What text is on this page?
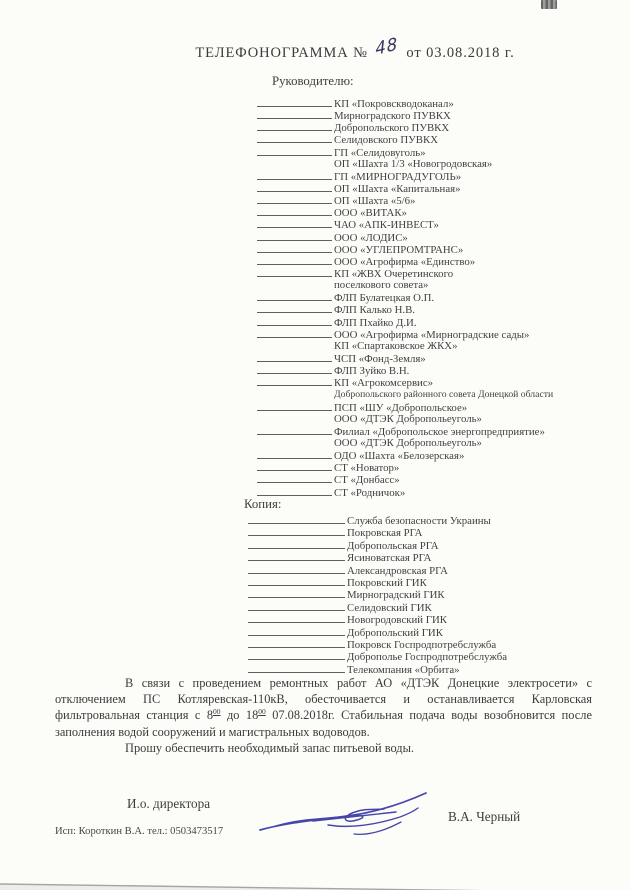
ТЕЛЕФОНОГРАММА № 48 от 03.08.2018 г.
Руководителю:
КП «Покровскводоканал»
Мирноградского ПУВКХ
Добропольского ПУВКХ
Селидовского ПУВКХ
ГП «Селидовуголь»
ОП «Шахта 1/3 «Новогродовская»
ГП «МИРНОГРАДУГОЛЬ»
ОП «Шахта «Капитальная»
ОП «Шахта «5/6»
ООО «ВИТАК»
ЧАО «АПК-ИНВЕСТ»
ООО «ЛОДИС»
ООО «УГЛЕПРОМТРАНС»
ООО «Агрофирма «Единство»
КП «ЖВХ Очеретинского
поселкового совета»
ФЛП Булатецкая О.П.
ФЛП Калько Н.В.
ФЛП Пхайко Д.И.
ООО «Агрофирма «Мирноградские сады»
КП «Спартаковское ЖКХ»
ЧСП «Фонд-Земля»
ФЛП Зуйко В.Н.
КП «Агрокомсервис»
Добропольского районного совета Донецкой области
ПСП «ШУ «Добропольское»
ООО «ДТЭК Добропольеуголь»
Филиал «Добропольское энергопредприятие»
ООО «ДТЭК Добропольеуголь»
ОДО «Шахта «Белозерская»
СТ «Новатор»
СТ «Донбасс»
СТ «Родничок»
Копия:
Служба безопасности Украины
Покровская РГА
Добропольская РГА
Ясиноватская РГА
Александровская РГА
Покровский ГИК
Мирноградский ГИК
Селидовский ГИК
Новогродовский ГИК
Добропольский ГИК
Покровск Госпродпотребслужба
Доброполье Госпродпотребслужба
Телекомпания «Орбита»

В связи с проведением ремонтных работ АО «ДТЭК Донецкие электросети» с отключением ПС Котляревская-110кВ, обесточивается и останавливается Карловская фильтровальная станция с $8^{00}$ до $18^{00}$ 07.08.2018г. Стабильная подача воды возобновится после заполнения водой сооружений и магистральных водоводов.

Прошу обеспечить необходимый запас питьевой воды.

И.о. директора
В.А. Черный
Исп: Короткин В.А. тел.: 0503473517
